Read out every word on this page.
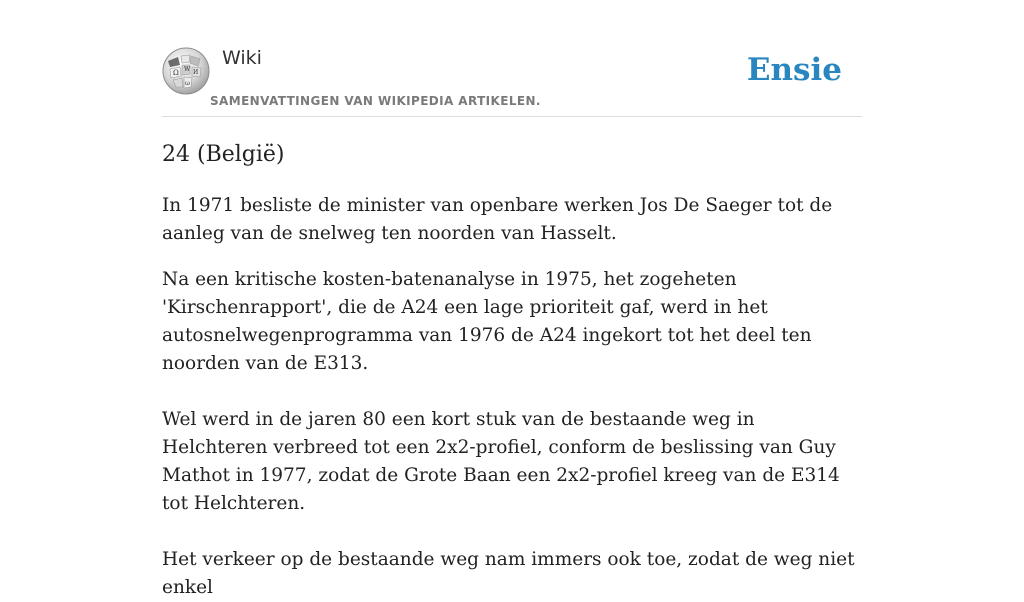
Ω W И
ω
Wiki
SAMENVATTINGEN VAN WIKIPEDIA ARTIKELEN.
Ensie
24 (België)

In 1971 besliste de minister van openbare werken Jos De Saeger tot de aanleg van de snelweg ten noorden van Hasselt.

Na een kritische kosten-batenanalyse in 1975, het zogeheten 'Kirschenrapport', die de A24 een lage prioriteit gaf, werd in het autosnelwegenprogramma van 1976 de A24 ingekort tot het deel ten noorden van de E313.

Wel werd in de jaren 80 een kort stuk van de bestaande weg in Helchteren verbreed tot een 2x2-profiel, conform de beslissing van Guy Mathot in 1977, zodat de Grote Baan een 2x2-profiel kreeg van de E314 tot Helchteren.

Het verkeer op de bestaande weg nam immers ook toe, zodat de weg niet enkel
